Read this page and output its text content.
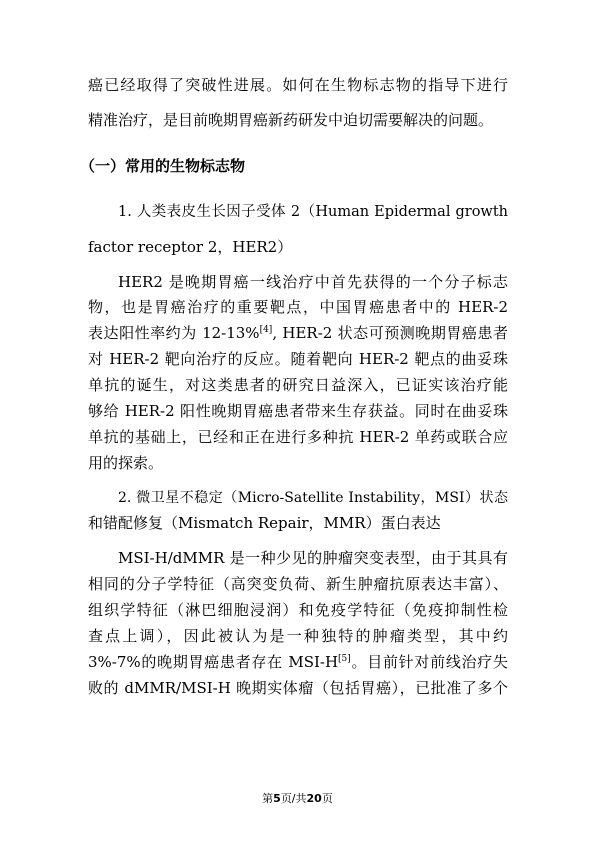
癌已经取得了突破性进展。如何在生物标志物的指导下进行
精准治疗，是目前晚期胃癌新药研发中迫切需要解决的问题。
（一）常用的生物标志物
1. 人类表皮生长因子受体 2（Human Epidermal growth
factor receptor 2，HER2）
HER2 是晚期胃癌一线治疗中首先获得的一个分子标志
物，也是胃癌治疗的重要靶点，中国胃癌患者中的 HER-2
表达阳性率约为 12-13%[4], HER-2 状态可预测晚期胃癌患者
对 HER-2 靶向治疗的反应。随着靶向 HER-2 靶点的曲妥珠
单抗的诞生，对这类患者的研究日益深入，已证实该治疗能
够给 HER-2 阳性晚期胃癌患者带来生存获益。同时在曲妥珠
单抗的基础上，已经和正在进行多种抗 HER-2 单药或联合应
用的探索。
2. 微卫星不稳定（Micro-Satellite Instability，MSI）状态
和错配修复（Mismatch Repair，MMR）蛋白表达
MSI-H/dMMR 是一种少见的肿瘤突变表型，由于其具有
相同的分子学特征（高突变负荷、新生肿瘤抗原表达丰富）、
组织学特征（淋巴细胞浸润）和免疫学特征（免疫抑制性检
查点上调），因此被认为是一种独特的肿瘤类型，其中约
3%-7%的晚期胃癌患者存在 MSI-H[5]。目前针对前线治疗失
败的 dMMR/MSI-H 晚期实体瘤（包括胃癌），已批准了多个
第5页/共20页
